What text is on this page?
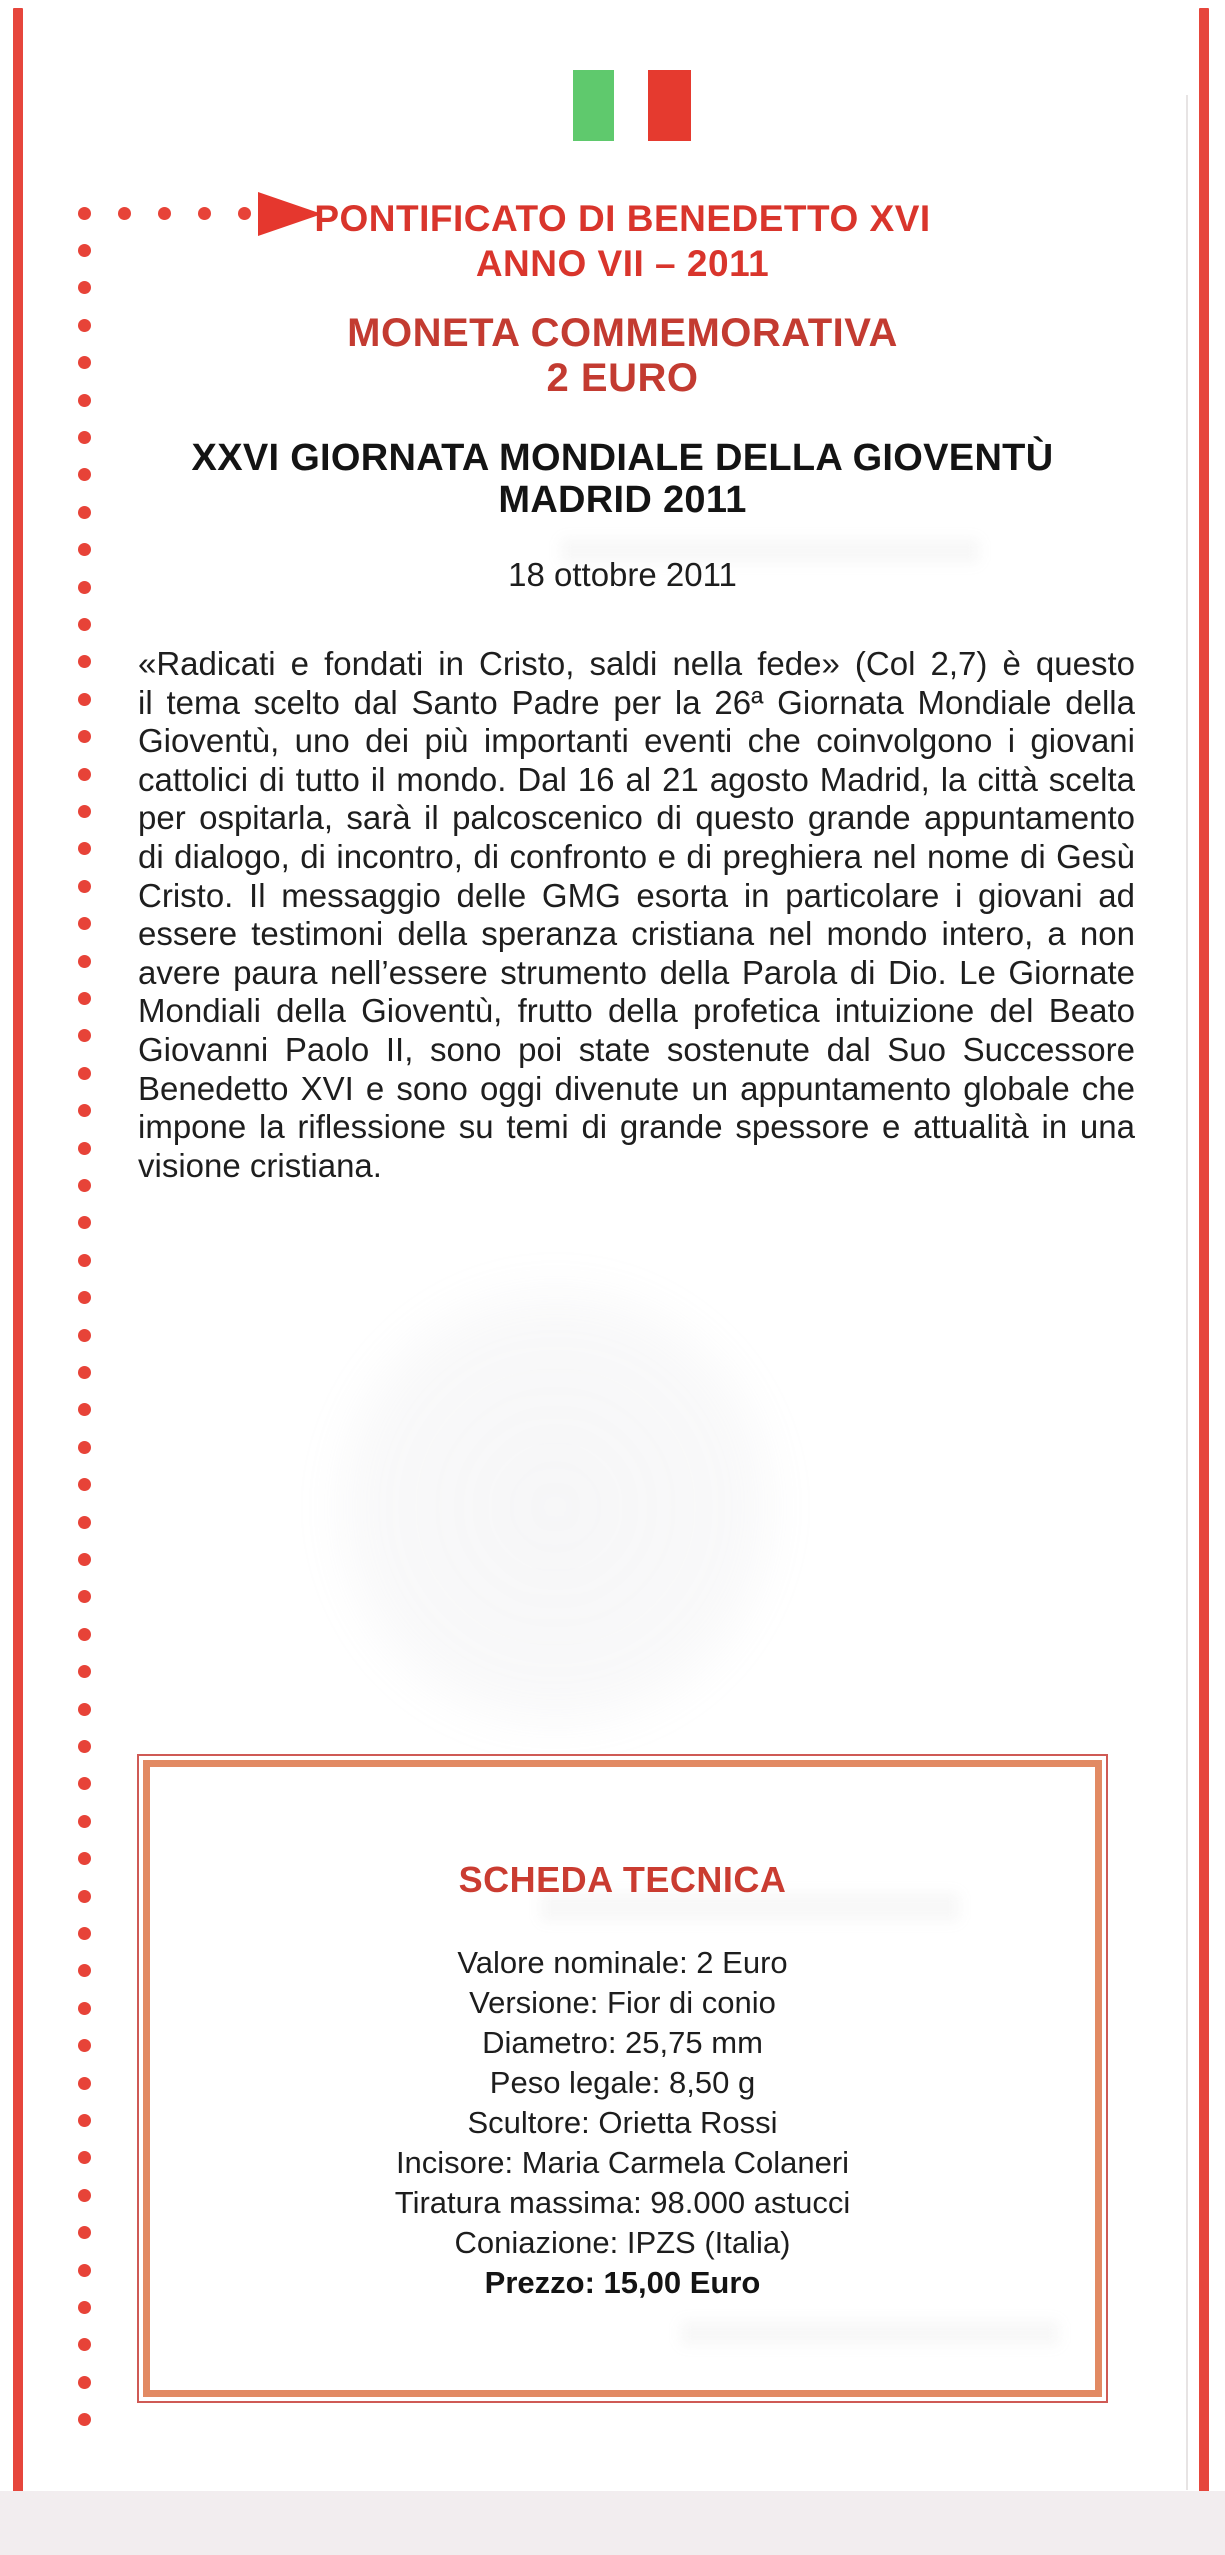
PONTIFICATO DI BENEDETTO XVI
ANNO VII – 2011
MONETA COMMEMORATIVA
2 EURO
XXVI GIORNATA MONDIALE DELLA GIOVENTÙ
MADRID 2011
18 ottobre 2011
«Radicati e fondati in Cristo, saldi nella fede» (Col 2,7) è questo
il tema scelto dal Santo Padre per la 26ª Giornata Mondiale della
Gioventù, uno dei più importanti eventi che coinvolgono i giovani
cattolici di tutto il mondo. Dal 16 al 21 agosto Madrid, la città scelta
per ospitarla, sarà il palcoscenico di questo grande appuntamento
di dialogo, di incontro, di confronto e di preghiera nel nome di Gesù
Cristo. Il messaggio delle GMG esorta in particolare i giovani ad
essere testimoni della speranza cristiana nel mondo intero, a non
avere paura nell’essere strumento della Parola di Dio. Le Giornate
Mondiali della Gioventù, frutto della profetica intuizione del Beato
Giovanni Paolo II, sono poi state sostenute dal Suo Successore
Benedetto XVI e sono oggi divenute un appuntamento globale che
impone la riflessione su temi di grande spessore e attualità in una
visione cristiana.
SCHEDA TECNICA
Valore nominale: 2 Euro
Versione: Fior di conio
Diametro: 25,75 mm
Peso legale: 8,50 g
Scultore: Orietta Rossi
Incisore: Maria Carmela Colaneri
Tiratura massima: 98.000 astucci
Coniazione: IPZS (Italia)
Prezzo: 15,00 Euro
